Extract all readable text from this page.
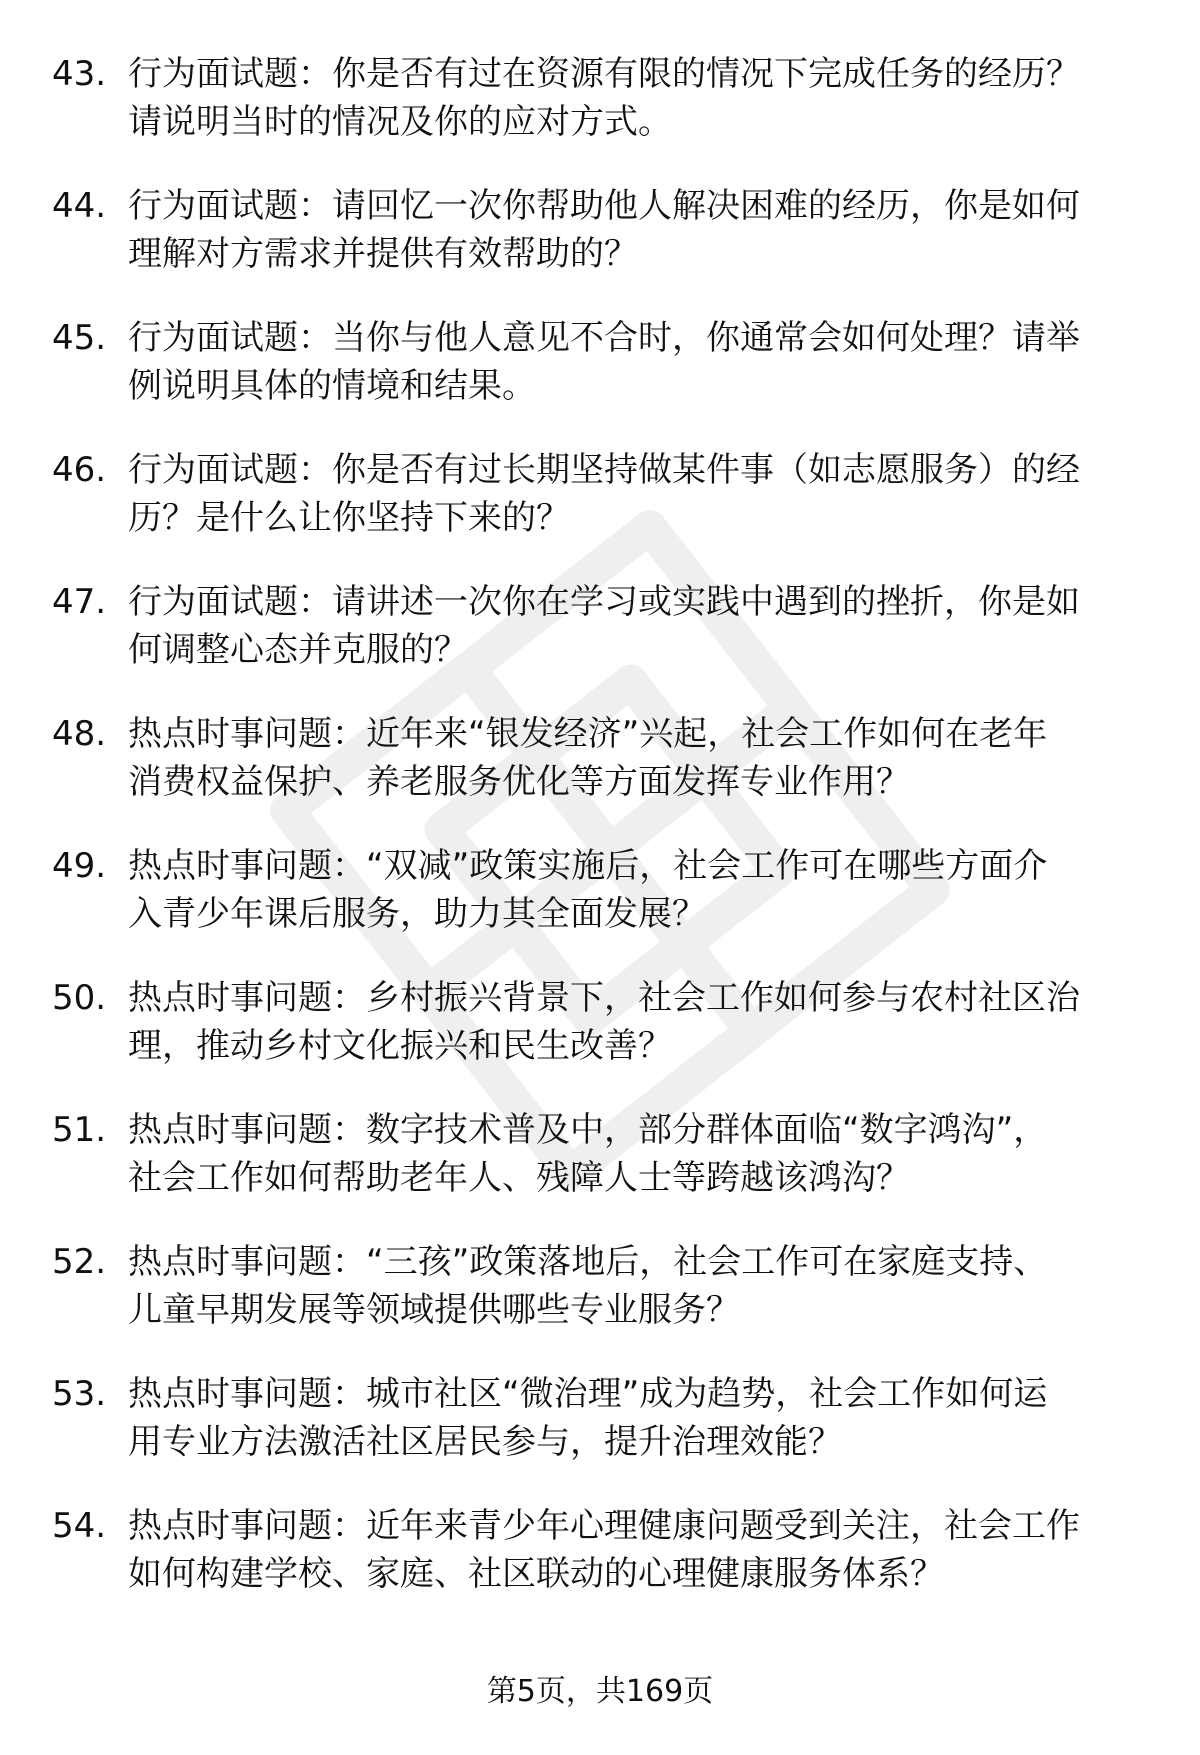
43. 行为面试题：你是否有过在资源有限的情况下完成任务的经历？
请说明当时的情况及你的应对方式。

44. 行为面试题：请回忆一次你帮助他人解决困难的经历，你是如何
理解对方需求并提供有效帮助的？

45. 行为面试题：当你与他人意见不合时，你通常会如何处理？请举
例说明具体的情境和结果。

46. 行为面试题：你是否有过长期坚持做某件事（如志愿服务）的经
历？是什么让你坚持下来的？

47. 行为面试题：请讲述一次你在学习或实践中遇到的挫折，你是如
何调整心态并克服的？

48. 热点时事问题：近年来“银发经济”兴起，社会工作如何在老年
消费权益保护、养老服务优化等方面发挥专业作用？

49. 热点时事问题：“双减”政策实施后，社会工作可在哪些方面介
入青少年课后服务，助力其全面发展？

50. 热点时事问题：乡村振兴背景下，社会工作如何参与农村社区治
理，推动乡村文化振兴和民生改善？

51. 热点时事问题：数字技术普及中，部分群体面临“数字鸿沟”，
社会工作如何帮助老年人、残障人士等跨越该鸿沟？

52. 热点时事问题：“三孩”政策落地后，社会工作可在家庭支持、
儿童早期发展等领域提供哪些专业服务？

53. 热点时事问题：城市社区“微治理”成为趋势，社会工作如何运
用专业方法激活社区居民参与，提升治理效能？

54. 热点时事问题：近年来青少年心理健康问题受到关注，社会工作
如何构建学校、家庭、社区联动的心理健康服务体系？

第5页，共169页
